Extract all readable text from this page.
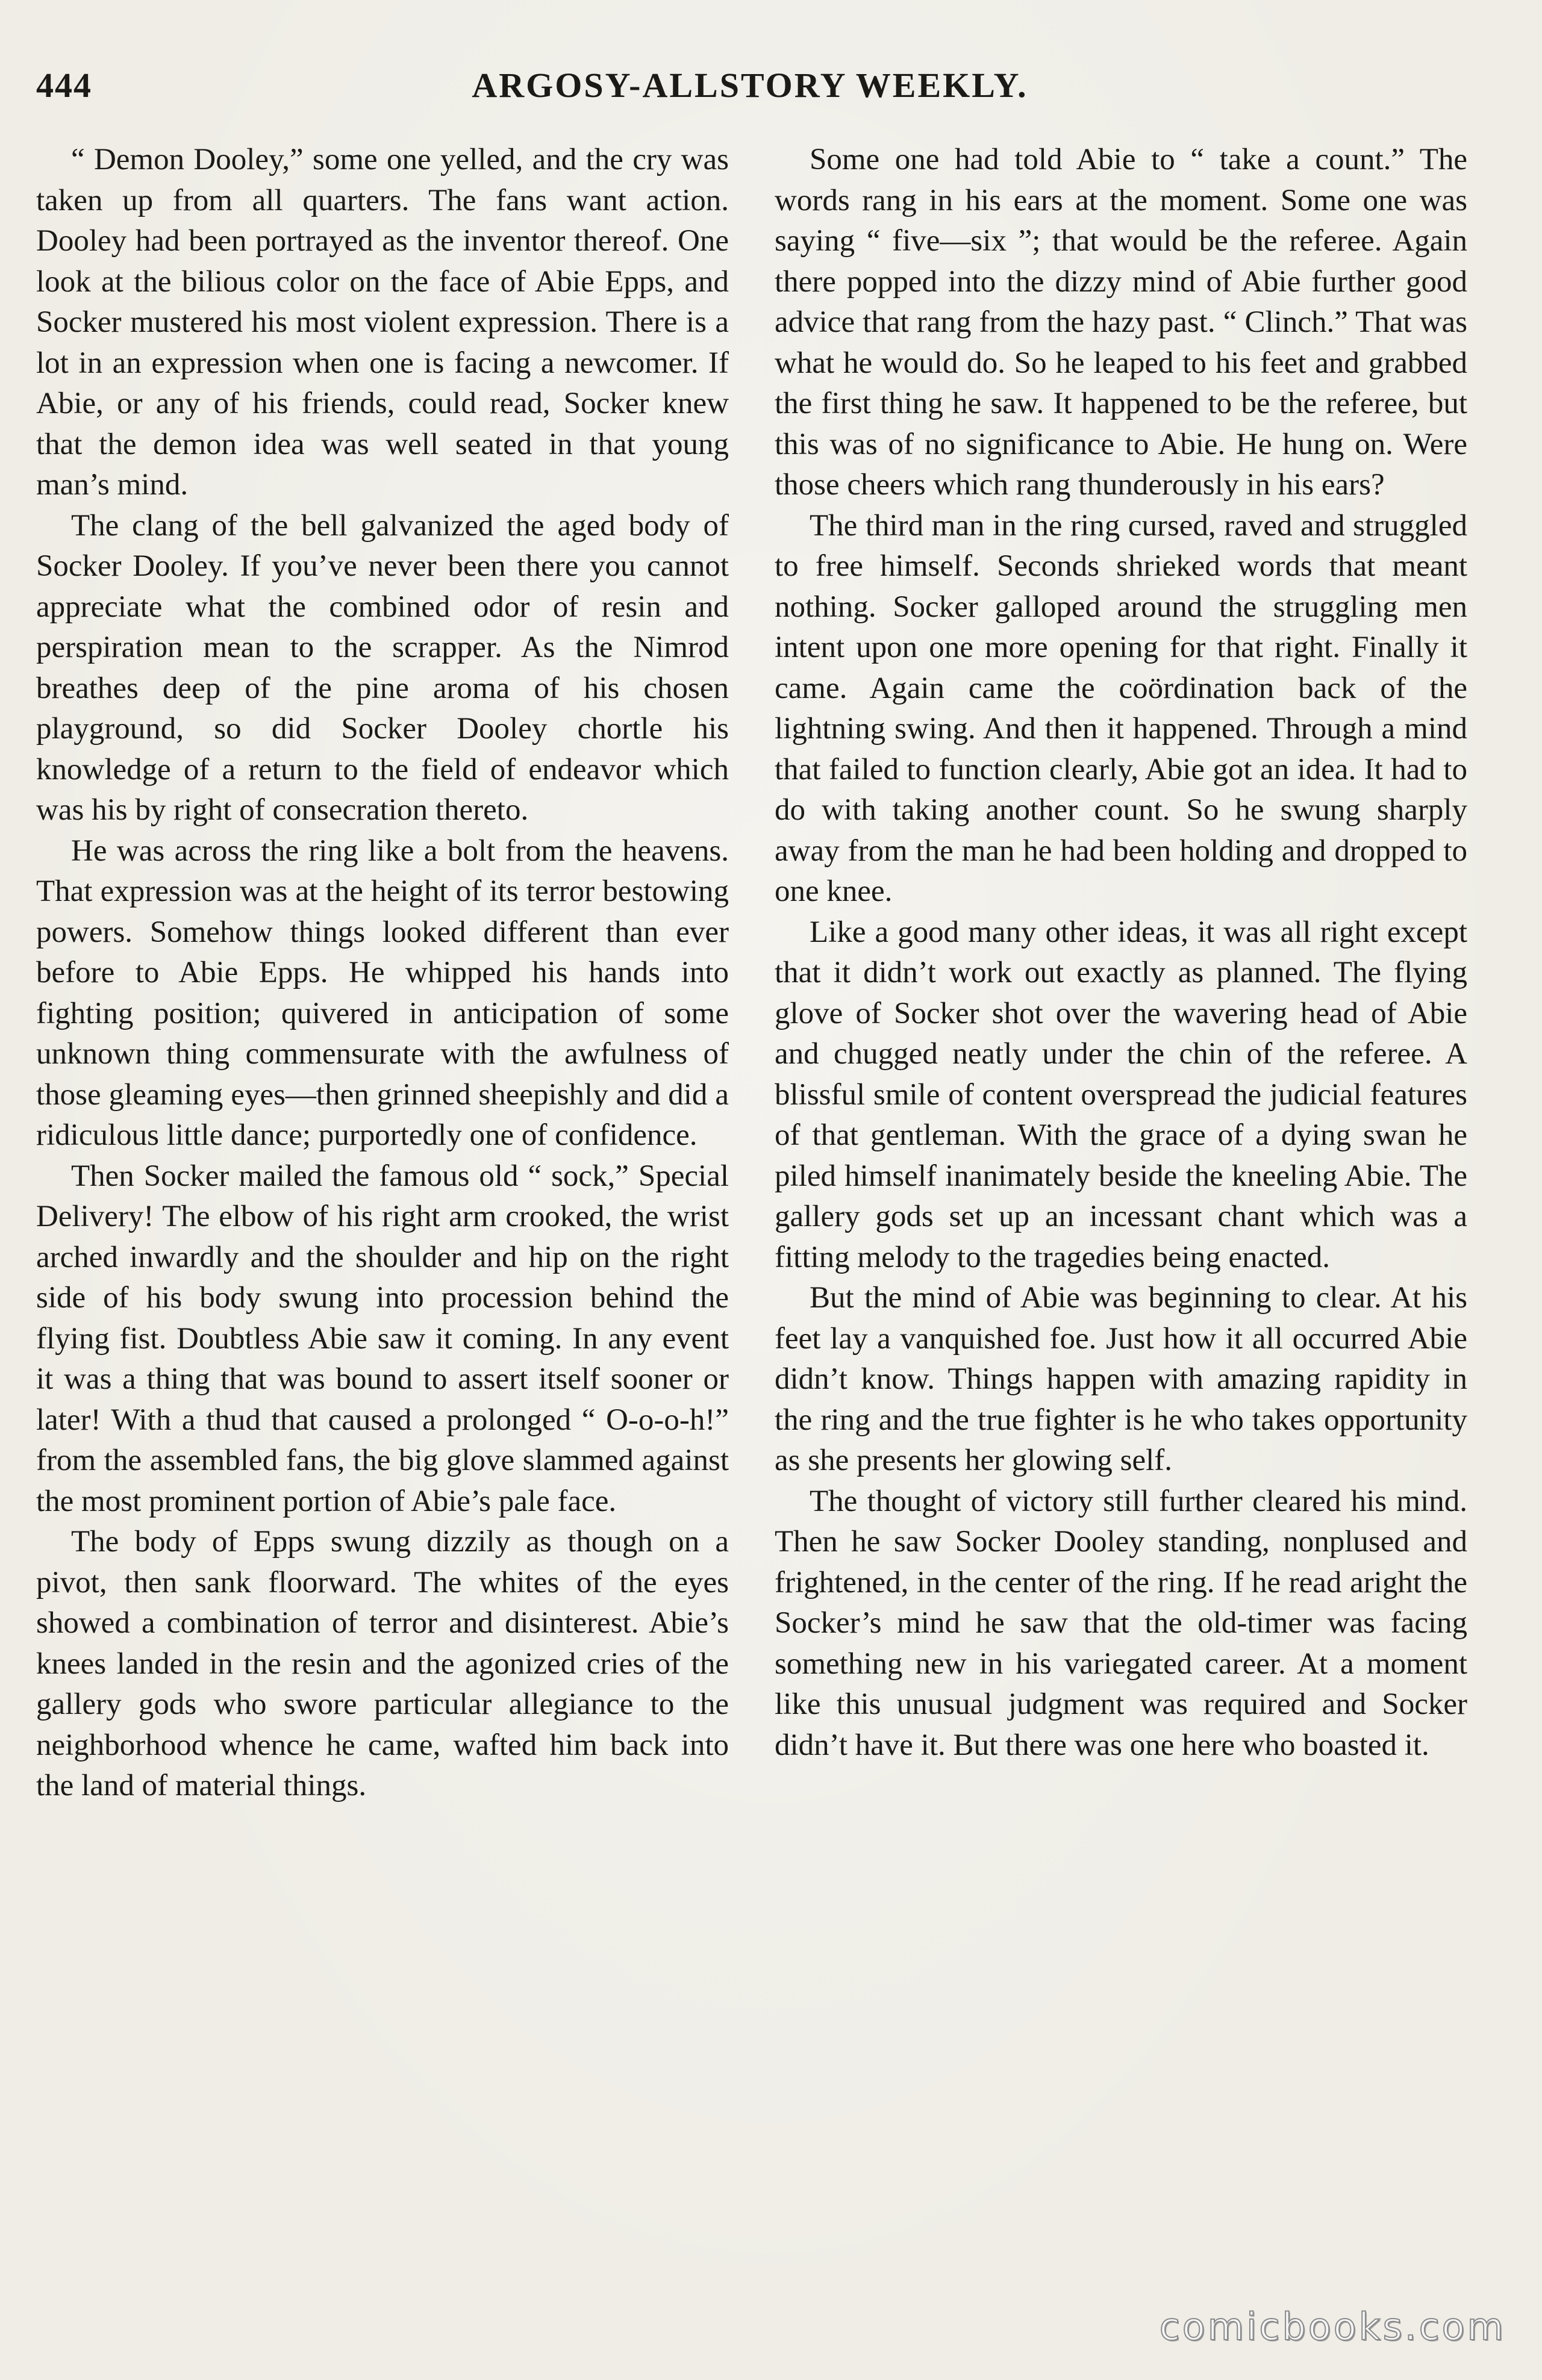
444	ARGOSY-ALLSTORY WEEKLY.

“ Demon Dooley,” some one yelled, and the cry was taken up from all quarters. The fans want action. Dooley had been portrayed as the inventor thereof. One look at the bilious color on the face of Abie Epps, and Socker mustered his most violent expression. There is a lot in an expression when one is facing a newcomer. If Abie, or any of his friends, could read, Socker knew that the demon idea was well seated in that young man’s mind.

The clang of the bell galvanized the aged body of Socker Dooley. If you’ve never been there you cannot appreciate what the combined odor of resin and perspiration mean to the scrapper. As the Nimrod breathes deep of the pine aroma of his chosen playground, so did Socker Dooley chortle his knowledge of a return to the field of endeavor which was his by right of consecration thereto.

He was across the ring like a bolt from the heavens. That expression was at the height of its terror bestowing powers. Somehow things looked different than ever before to Abie Epps. He whipped his hands into fighting position; quivered in anticipation of some unknown thing commensurate with the awfulness of those gleaming eyes—then grinned sheepishly and did a ridiculous little dance; purportedly one of confidence.

Then Socker mailed the famous old “ sock,” Special Delivery! The elbow of his right arm crooked, the wrist arched inwardly and the shoulder and hip on the right side of his body swung into procession behind the flying fist. Doubtless Abie saw it coming. In any event it was a thing that was bound to assert itself sooner or later! With a thud that caused a prolonged “ O-o-o-h!” from the assembled fans, the big glove slammed against the most prominent portion of Abie’s pale face.

The body of Epps swung dizzily as though on a pivot, then sank floorward. The whites of the eyes showed a combination of terror and disinterest. Abie’s knees landed in the resin and the agonized cries of the gallery gods who swore particular allegiance to the neighborhood whence he came, wafted him back into the land of material things.

Some one had told Abie to “ take a count.” The words rang in his ears at the moment. Some one was saying “ five—six ”; that would be the referee. Again there popped into the dizzy mind of Abie further good advice that rang from the hazy past. “ Clinch.” That was what he would do. So he leaped to his feet and grabbed the first thing he saw. It happened to be the referee, but this was of no significance to Abie. He hung on. Were those cheers which rang thunderously in his ears?

The third man in the ring cursed, raved and struggled to free himself. Seconds shrieked words that meant nothing. Socker galloped around the struggling men intent upon one more opening for that right. Finally it came. Again came the coördination back of the lightning swing. And then it happened. Through a mind that failed to function clearly, Abie got an idea. It had to do with taking another count. So he swung sharply away from the man he had been holding and dropped to one knee.

Like a good many other ideas, it was all right except that it didn’t work out exactly as planned. The flying glove of Socker shot over the wavering head of Abie and chugged neatly under the chin of the referee. A blissful smile of content overspread the judicial features of that gentleman. With the grace of a dying swan he piled himself inanimately beside the kneeling Abie. The gallery gods set up an incessant chant which was a fitting melody to the tragedies being enacted.

But the mind of Abie was beginning to clear. At his feet lay a vanquished foe. Just how it all occurred Abie didn’t know. Things happen with amazing rapidity in the ring and the true fighter is he who takes opportunity as she presents her glowing self.

The thought of victory still further cleared his mind. Then he saw Socker Dooley standing, nonplused and frightened, in the center of the ring. If he read aright the Socker’s mind he saw that the old-timer was facing something new in his variegated career. At a moment like this unusual judgment was required and Socker didn’t have it. But there was one here who boasted it.

comicbooks.com
